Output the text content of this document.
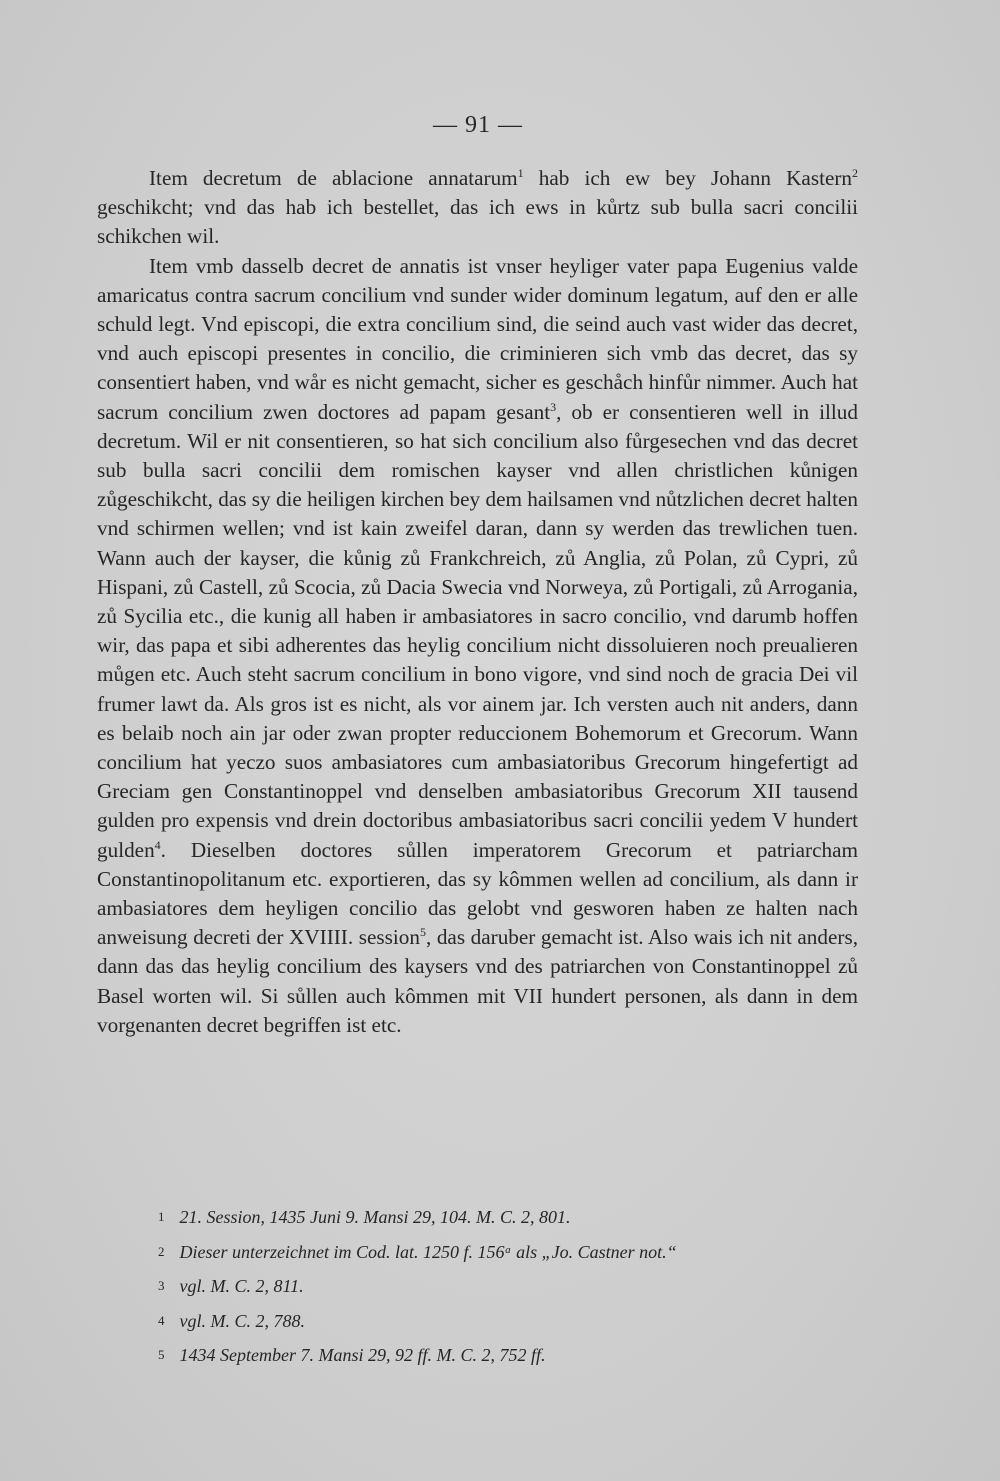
— 91 —

Item decretum de ablacione annatarum$^1$ hab ich ew bey Johann Kastern$^2$ geschikcht; vnd das hab ich bestellet, das ich ews in kůrtz sub bulla sacri concilii schikchen wil.

Item vmb dasselb decret de annatis ist vnser heyliger vater papa Eugenius valde amaricatus contra sacrum concilium vnd sunder wider dominum legatum, auf den er alle schuld legt. Vnd episcopi, die extra concilium sind, die seind auch vast wider das decret, vnd auch episcopi presentes in concilio, die criminieren sich vmb das decret, das sy consentiert haben, vnd wår es nicht gemacht, sicher es geschåch hinfůr nimmer. Auch hat sacrum concilium zwen doctores ad papam gesant$^3$, ob er consentieren well in illud decretum. Wil er nit consentieren, so hat sich concilium also fůrgesechen vnd das decret sub bulla sacri concilii dem romischen kayser vnd allen christlichen kůnigen zůgeschikcht, das sy die heiligen kirchen bey dem hailsamen vnd nůtzlichen decret halten vnd schirmen wellen; vnd ist kain zweifel daran, dann sy werden das trewlichen tuen. Wann auch der kayser, die kůnig zů Frankchreich, zů Anglia, zů Polan, zů Cypri, zů Hispani, zů Castell, zů Scocia, zů Dacia Swecia vnd Norweya, zů Portigali, zů Arrogania, zů Sycilia etc., die kunig all haben ir ambasiatores in sacro concilio, vnd darumb hoffen wir, das papa et sibi adherentes das heylig concilium nicht dissoluieren noch preualieren můgen etc. Auch steht sacrum concilium in bono vigore, vnd sind noch de gracia Dei vil frumer lawt da. Als gros ist es nicht, als vor ainem jar. Ich versten auch nit anders, dann es belaib noch ain jar oder zwan propter reduccionem Bohemorum et Grecorum. Wann concilium hat yeczo suos ambasiatores cum ambasiatoribus Grecorum hingefertigt ad Greciam gen Constantinoppel vnd denselben ambasiatoribus Grecorum XII tausend gulden pro expensis vnd drein doctoribus ambasiatoribus sacri concilii yedem V hundert gulden$^4$. Dieselben doctores sůllen imperatorem Grecorum et patriarcham Constantinopolitanum etc. exportieren, das sy kômmen wellen ad concilium, als dann ir ambasiatores dem heyligen concilio das gelobt vnd gesworen haben ze halten nach anweisung decreti der XVIIII. session$^5$, das daruber gemacht ist. Also wais ich nit anders, dann das das heylig concilium des kaysers vnd des patriarchen von Constantinoppel zů Basel worten wil. Si sůllen auch kômmen mit VII hundert personen, als dann in dem vorgenanten decret begriffen ist etc.

1 21. Session, 1435 Juni 9. Mansi 29, 104. M. C. 2, 801.
2 Dieser unterzeichnet im Cod. lat. 1250 f. 156ᵃ als „Jo. Castner not.“
3 vgl. M. C. 2, 811.
4 vgl. M. C. 2, 788.
5 1434 September 7. Mansi 29, 92 ff. M. C. 2, 752 ff.
